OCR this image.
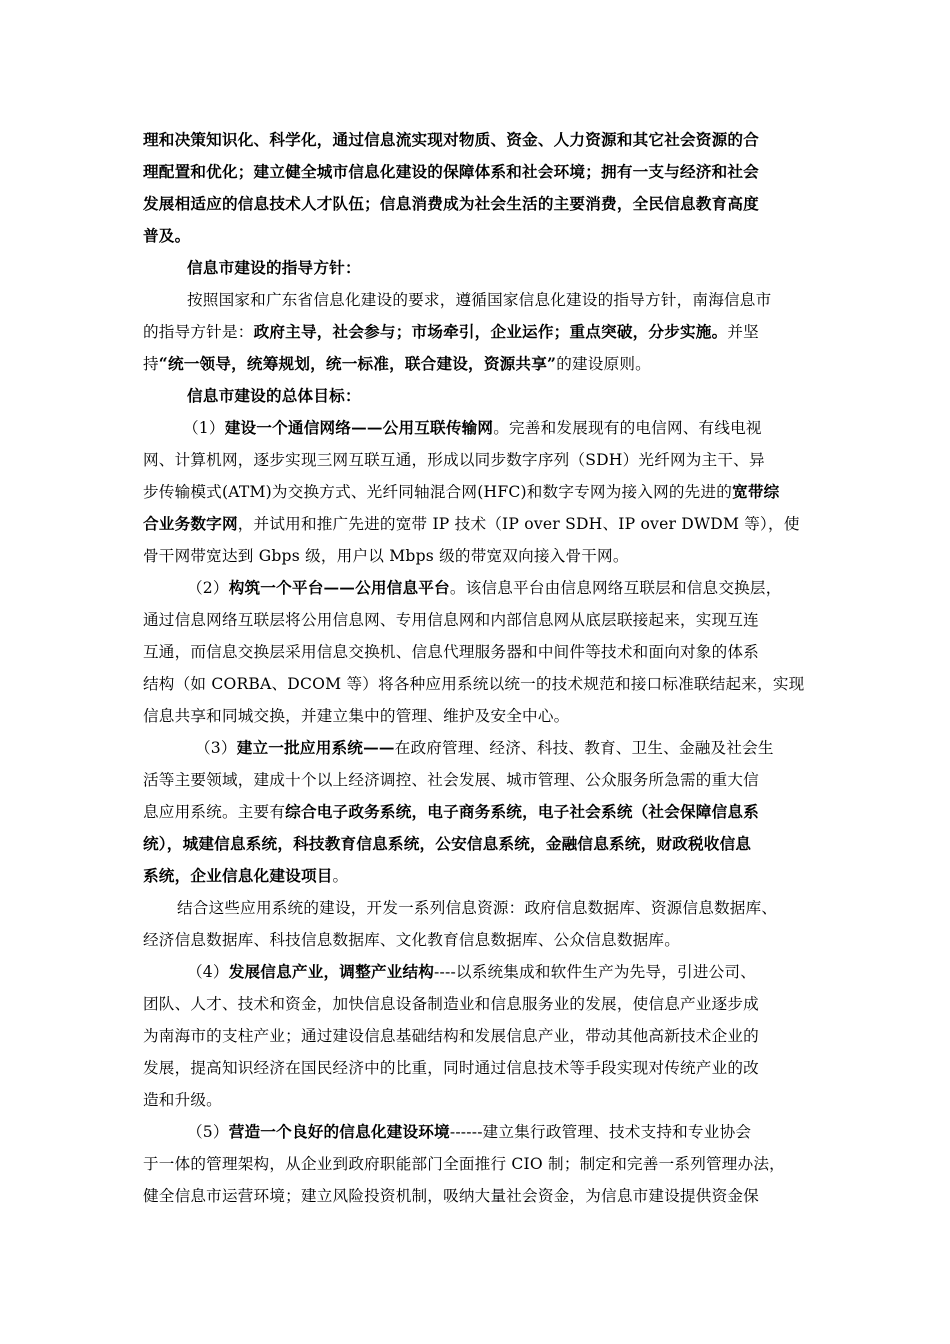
理和决策知识化、科学化，通过信息流实现对物质、资金、人力资源和其它社会资源的合
理配置和优化；建立健全城市信息化建设的保障体系和社会环境；拥有一支与经济和社会
发展相适应的信息技术人才队伍；信息消费成为社会生活的主要消费，全民信息教育高度
普及。
信息市建设的指导方针：
按照国家和广东省信息化建设的要求，遵循国家信息化建设的指导方针，南海信息市
的指导方针是：政府主导，社会参与；市场牵引，企业运作；重点突破，分步实施。并坚
持“统一领导，统筹规划，统一标准，联合建设，资源共享”的建设原则。
信息市建设的总体目标：
（1）建设一个通信网络——公用互联传输网。完善和发展现有的电信网、有线电视
网、计算机网，逐步实现三网互联互通，形成以同步数字序列（SDH）光纤网为主干、异
步传输模式(ATM)为交换方式、光纤同轴混合网(HFC)和数字专网为接入网的先进的宽带综
合业务数字网，并试用和推广先进的宽带 IP 技术（IP over SDH、IP over DWDM 等），使
骨干网带宽达到 Gbps 级，用户以 Mbps 级的带宽双向接入骨干网。
（2）构筑一个平台——公用信息平台。该信息平台由信息网络互联层和信息交换层，
通过信息网络互联层将公用信息网、专用信息网和内部信息网从底层联接起来，实现互连
互通，而信息交换层采用信息交换机、信息代理服务器和中间件等技术和面向对象的体系
结构（如 CORBA、DCOM 等）将各种应用系统以统一的技术规范和接口标准联结起来，实现
信息共享和同城交换，并建立集中的管理、维护及安全中心。
（3）建立一批应用系统——在政府管理、经济、科技、教育、卫生、金融及社会生
活等主要领域，建成十个以上经济调控、社会发展、城市管理、公众服务所急需的重大信
息应用系统。主要有综合电子政务系统，电子商务系统，电子社会系统（社会保障信息系
统），城建信息系统，科技教育信息系统，公安信息系统，金融信息系统，财政税收信息
系统，企业信息化建设项目。
结合这些应用系统的建设，开发一系列信息资源：政府信息数据库、资源信息数据库、
经济信息数据库、科技信息数据库、文化教育信息数据库、公众信息数据库。
（4）发展信息产业，调整产业结构----以系统集成和软件生产为先导，引进公司、
团队、人才、技术和资金，加快信息设备制造业和信息服务业的发展，使信息产业逐步成
为南海市的支柱产业；通过建设信息基础结构和发展信息产业，带动其他高新技术企业的
发展，提高知识经济在国民经济中的比重，同时通过信息技术等手段实现对传统产业的改
造和升级。
（5）营造一个良好的信息化建设环境------建立集行政管理、技术支持和专业协会
于一体的管理架构，从企业到政府职能部门全面推行 CIO 制；制定和完善一系列管理办法，
健全信息市运营环境；建立风险投资机制，吸纳大量社会资金，为信息市建设提供资金保
